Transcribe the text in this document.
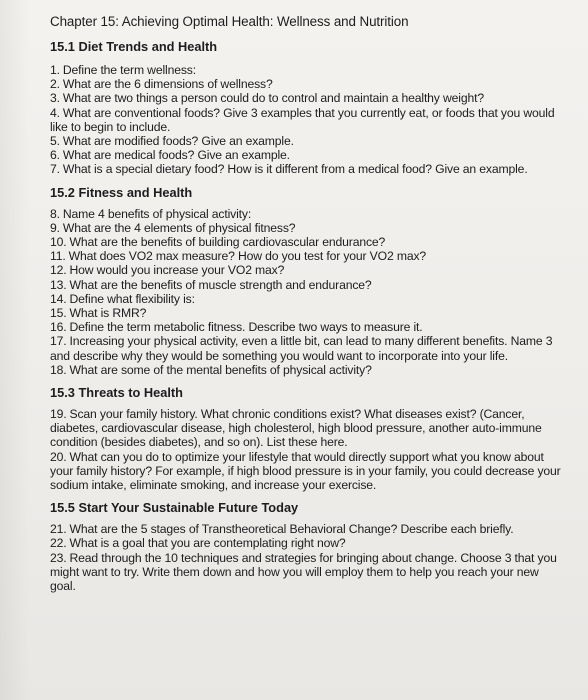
Chapter 15: Achieving Optimal Health: Wellness and Nutrition
15.1 Diet Trends and Health
1. Define the term wellness:
2. What are the 6 dimensions of wellness?
3. What are two things a person could do to control and maintain a healthy weight?
4. What are conventional foods? Give 3 examples that you currently eat, or foods that you would like to begin to include.
5. What are modified foods? Give an example.
6. What are medical foods? Give an example.
7. What is a special dietary food? How is it different from a medical food? Give an example.
15.2 Fitness and Health
8. Name 4 benefits of physical activity:
9. What are the 4 elements of physical fitness?
10. What are the benefits of building cardiovascular endurance?
11. What does VO2 max measure? How do you test for your VO2 max?
12. How would you increase your VO2 max?
13. What are the benefits of muscle strength and endurance?
14. Define what flexibility is:
15. What is RMR?
16. Define the term metabolic fitness. Describe two ways to measure it.
17. Increasing your physical activity, even a little bit, can lead to many different benefits. Name 3 and describe why they would be something you would want to incorporate into your life.
18. What are some of the mental benefits of physical activity?
15.3 Threats to Health
19. Scan your family history. What chronic conditions exist? What diseases exist? (Cancer, diabetes, cardiovascular disease, high cholesterol, high blood pressure, another auto-immune condition (besides diabetes), and so on). List these here.
20. What can you do to optimize your lifestyle that would directly support what you know about your family history? For example, if high blood pressure is in your family, you could decrease your sodium intake, eliminate smoking, and increase your exercise.
15.5 Start Your Sustainable Future Today
21. What are the 5 stages of Transtheoretical Behavioral Change? Describe each briefly.
22. What is a goal that you are contemplating right now?
23. Read through the 10 techniques and strategies for bringing about change. Choose 3 that you might want to try. Write them down and how you will employ them to help you reach your new goal.
